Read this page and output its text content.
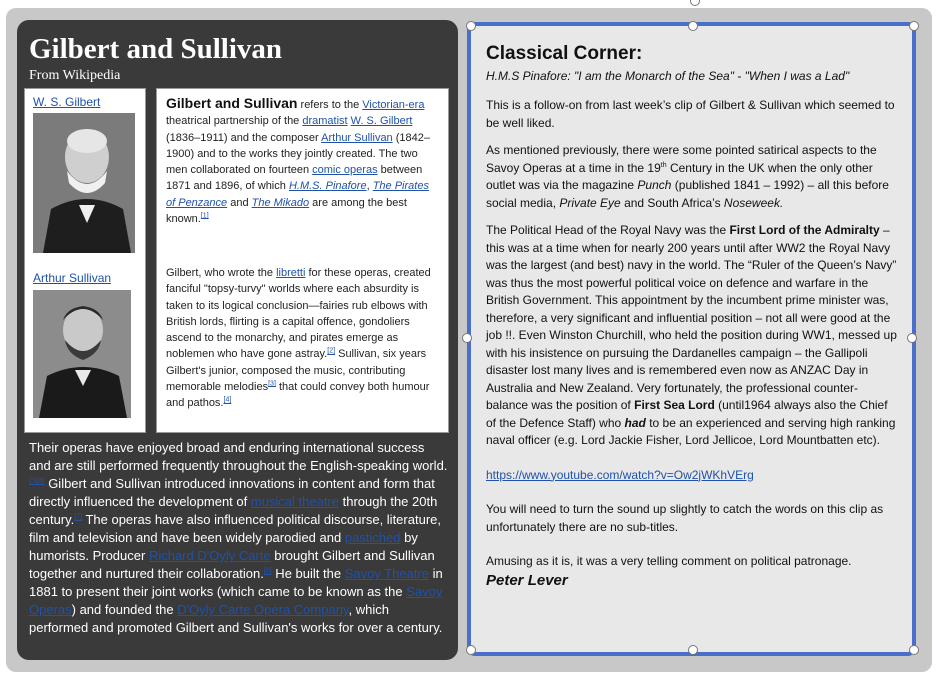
Gilbert and Sullivan
From Wikipedia
W. S. Gilbert
Arthur Sullivan

Gilbert and Sullivan refers to the Victorian-era theatrical partnership of the dramatist W. S. Gilbert (1836–1911) and the composer Arthur Sullivan (1842–1900) and to the works they jointly created. The two men collaborated on fourteen comic operas between 1871 and 1896, of which H.M.S. Pinafore, The Pirates of Penzance and The Mikado are among the best known.[1]

Gilbert, who wrote the libretti for these operas, created fanciful "topsy-turvy" worlds where each absurdity is taken to its logical conclusion—fairies rub elbows with British lords, flirting is a capital offence, gondoliers ascend to the monarchy, and pirates emerge as noblemen who have gone astray.[2] Sullivan, six years Gilbert's junior, composed the music, contributing memorable melodies[3] that could convey both humour and pathos.[4]

Their operas have enjoyed broad and enduring international success and are still performed frequently throughout the English-speaking world.[5][6] Gilbert and Sullivan introduced innovations in content and form that directly influenced the development of musical theatre through the 20th century.[7] The operas have also influenced political discourse, literature, film and television and have been widely parodied and pastiched by humorists. Producer Richard D'Oyly Carte brought Gilbert and Sullivan together and nurtured their collaboration.[8] He built the Savoy Theatre in 1881 to present their joint works (which came to be known as the Savoy Operas) and founded the D'Oyly Carte Opera Company, which performed and promoted Gilbert and Sullivan's works for over a century.

Classical Corner:

H.M.S Pinafore: "I am the Monarch of the Sea" - "When I was a Lad"

This is a follow-on from last week’s clip of Gilbert & Sullivan which seemed to be well liked.

As mentioned previously, there were some pointed satirical aspects to the Savoy Operas at a time in the 19th Century in the UK when the only other outlet was via the magazine Punch (published 1841 – 1992) – all this before social media, Private Eye and South Africa’s Noseweek.

The Political Head of the Royal Navy was the First Lord of the Admiralty – this was at a time when for nearly 200 years until after WW2 the Royal Navy was the largest (and best) navy in the world. The “Ruler of the Queen’s Navy” was thus the most powerful political voice on defence and warfare in the British Government. This appointment by the incumbent prime minister was, therefore, a very significant and influential position – not all were good at the job !!. Even Winston Churchill, who held the position during WW1, messed up with his insistence on pursuing the Dardanelles campaign – the Gallipoli disaster lost many lives and is remembered even now as ANZAC Day in Australia and New Zealand. Very fortunately, the professional counter-balance was the position of First Sea Lord (until1964 always also the Chief of the Defence Staff) who had to be an experienced and serving high ranking naval officer (e.g. Lord Jackie Fisher, Lord Jellicoe, Lord Mountbatten etc).

https://www.youtube.com/watch?v=Ow2jWKhVErg

You will need to turn the sound up slightly to catch the words on this clip as unfortunately there are no sub-titles.

Amusing as it is, it was a very telling comment on political patronage.

Peter Lever
